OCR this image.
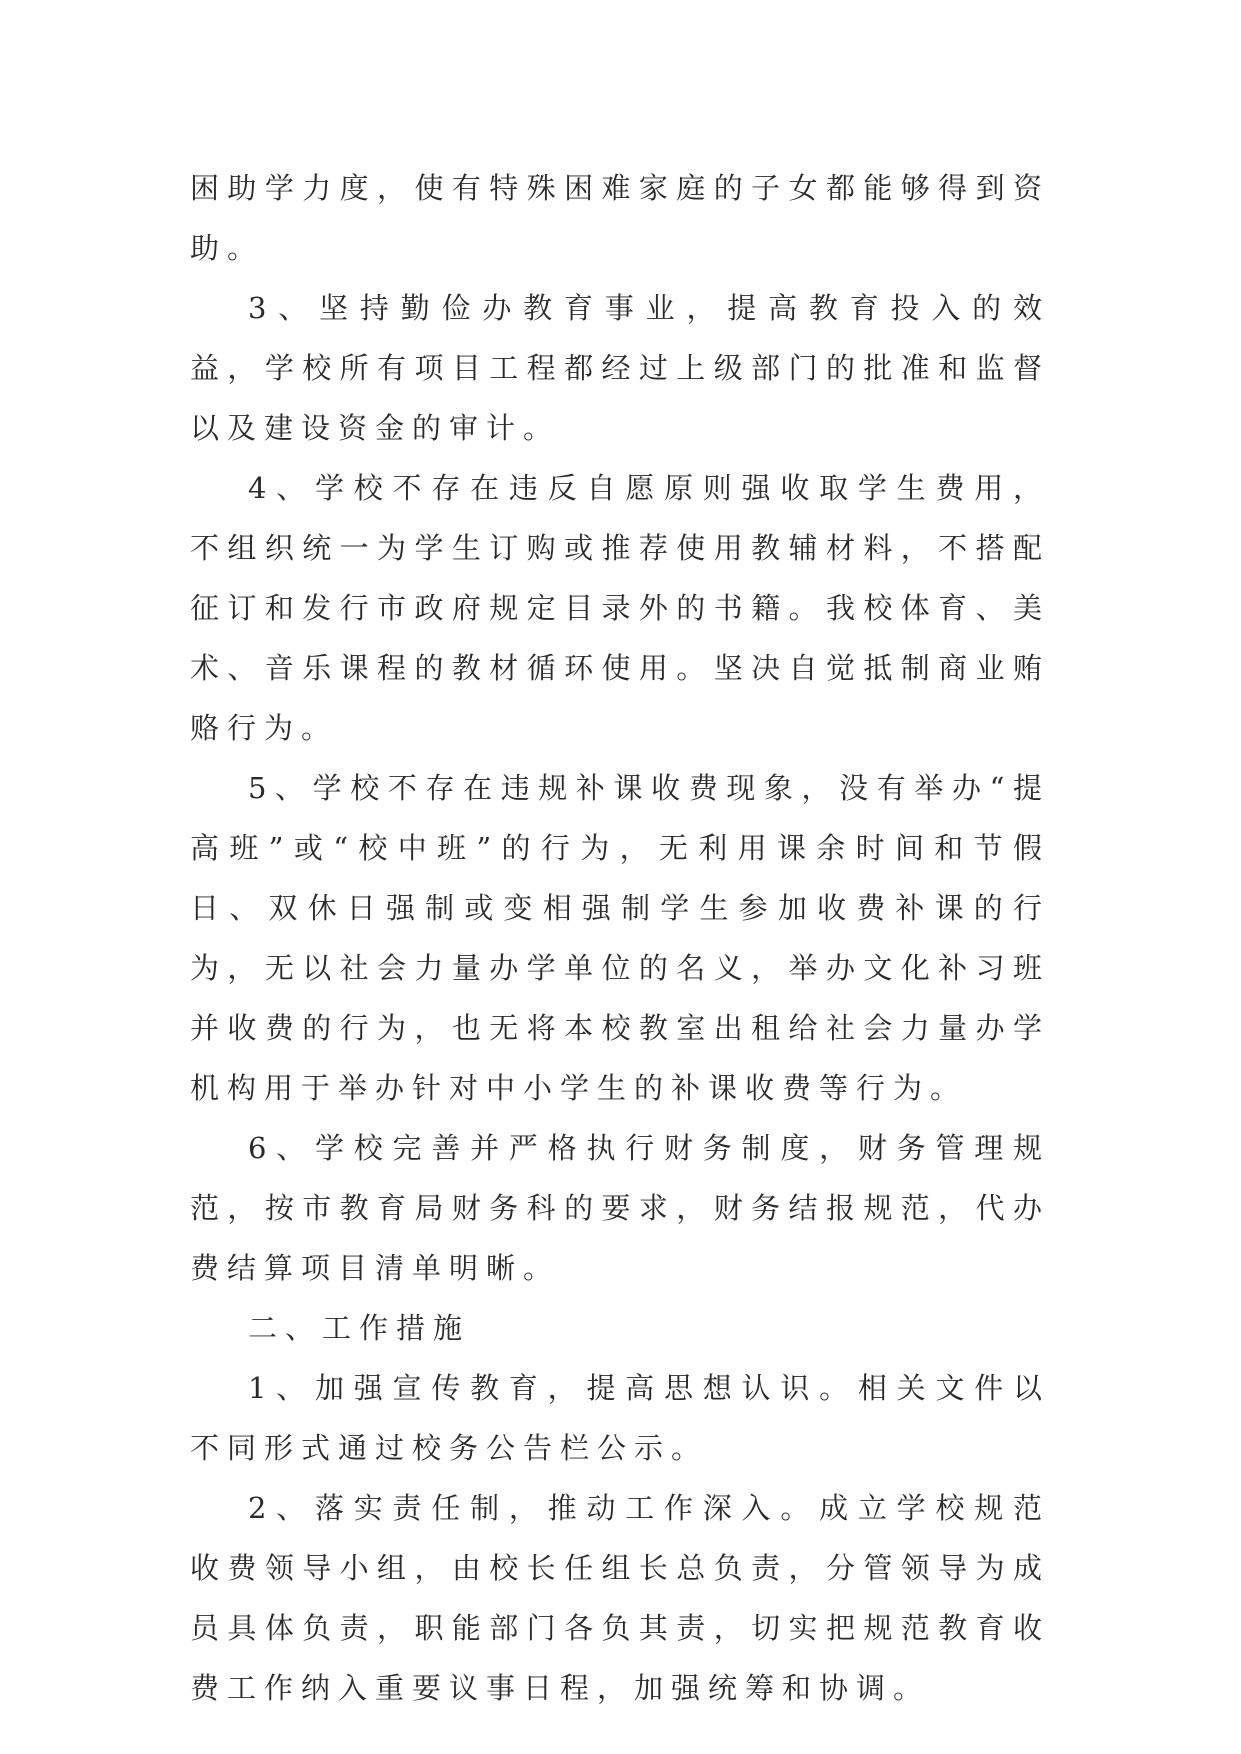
困助学力度，使有特殊困难家庭的子女都能够得到资助。

3、坚持勤俭办教育事业，提高教育投入的效益，学校所有项目工程都经过上级部门的批准和监督以及建设资金的审计。

4、学校不存在违反自愿原则强收取学生费用，不组织统一为学生订购或推荐使用教辅材料，不搭配征订和发行市政府规定目录外的书籍。我校体育、美术、音乐课程的教材循环使用。坚决自觉抵制商业贿赂行为。

5、学校不存在违规补课收费现象，没有举办“提高班”或“校中班”的行为，无利用课余时间和节假日、双休日强制或变相强制学生参加收费补课的行为，无以社会力量办学单位的名义，举办文化补习班并收费的行为，也无将本校教室出租给社会力量办学机构用于举办针对中小学生的补课收费等行为。

6、学校完善并严格执行财务制度，财务管理规范，按市教育局财务科的要求，财务结报规范，代办费结算项目清单明晰。

二、工作措施

1、加强宣传教育，提高思想认识。相关文件以不同形式通过校务公告栏公示。

2、落实责任制，推动工作深入。成立学校规范收费领导小组，由校长任组长总负责，分管领导为成员具体负责，职能部门各负其责，切实把规范教育收费工作纳入重要议事日程，加强统筹和协调。
